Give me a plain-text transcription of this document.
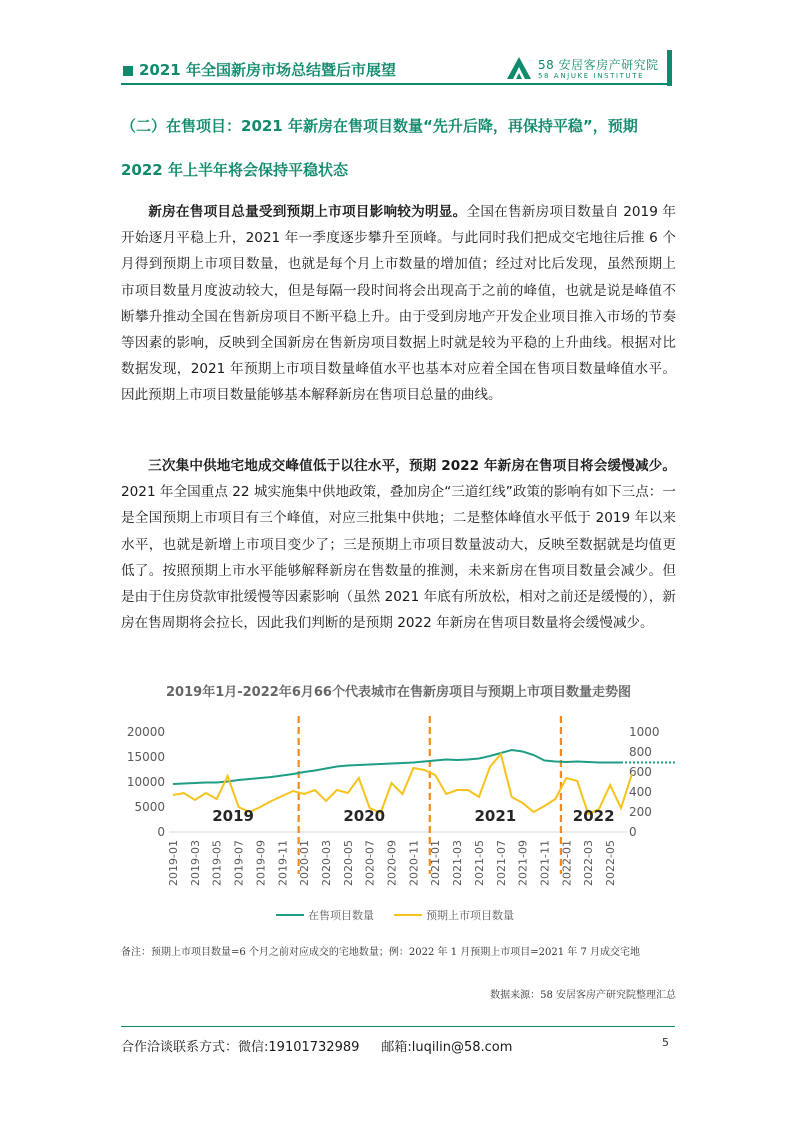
2021 年全国新房市场总结暨后市展望	58 安居客房产研究院
58 ANJUKE INSTITUTE
（二）在售项目：2021 年新房在售项目数量“先升后降，再保持平稳”，预期 2022 年上半年将会保持平稳状态

新房在售项目总量受到预期上市项目影响较为明显。全国在售新房项目数量自 2019 年开始逐月平稳上升，2021 年一季度逐步攀升至顶峰。与此同时我们把成交宅地往后推 6 个月得到预期上市项目数量，也就是每个月上市数量的增加值；经过对比后发现，虽然预期上市项目数量月度波动较大，但是每隔一段时间将会出现高于之前的峰值，也就是说是峰值不断攀升推动全国在售新房项目不断平稳上升。由于受到房地产开发企业项目推入市场的节奏等因素的影响，反映到全国新房在售新房项目数据上时就是较为平稳的上升曲线。根据对比数据发现，2021 年预期上市项目数量峰值水平也基本对应着全国在售项目数量峰值水平。因此预期上市项目数量能够基本解释新房在售项目总量的曲线。

三次集中供地宅地成交峰值低于以往水平，预期 2022 年新房在售项目将会缓慢减少。2021 年全国重点 22 城实施集中供地政策，叠加房企“三道红线”政策的影响有如下三点：一是全国预期上市项目有三个峰值，对应三批集中供地；二是整体峰值水平低于 2019 年以来水平，也就是新增上市项目变少了；三是预期上市项目数量波动大，反映至数据就是均值更低了。按照预期上市水平能够解释新房在售数量的推测，未来新房在售项目数量会减少。但是由于住房贷款审批缓慢等因素影响（虽然 2021 年底有所放松，相对之前还是缓慢的），新房在售周期将会拉长，因此我们判断的是预期 2022 年新房在售项目数量将会缓慢减少。

2019年1月-2022年6月66个代表城市在售新房项目与预期上市项目数量走势图
20000
15000
10000
5000
0
1000
800
600
400
200
0
2019-01 2019-03 2019-05 2019-07 2019-09 2019-11 2020-01 2020-03 2020-05 2020-07 2020-09 2020-11 2021-01 2021-03 2021-05 2021-07 2021-09 2021-11 2022-01 2022-03 2022-05
2019	2020	2021	2022
在售项目数量	预期上市项目数量
备注：预期上市项目数量=6 个月之前对应成交的宅地数量；例：2022 年 1 月预期上市项目=2021 年 7 月成交宅地
数据来源：58 安居客房产研究院整理汇总
合作洽谈联系方式：微信:19101732989 邮箱:luqilin@58.com	5
